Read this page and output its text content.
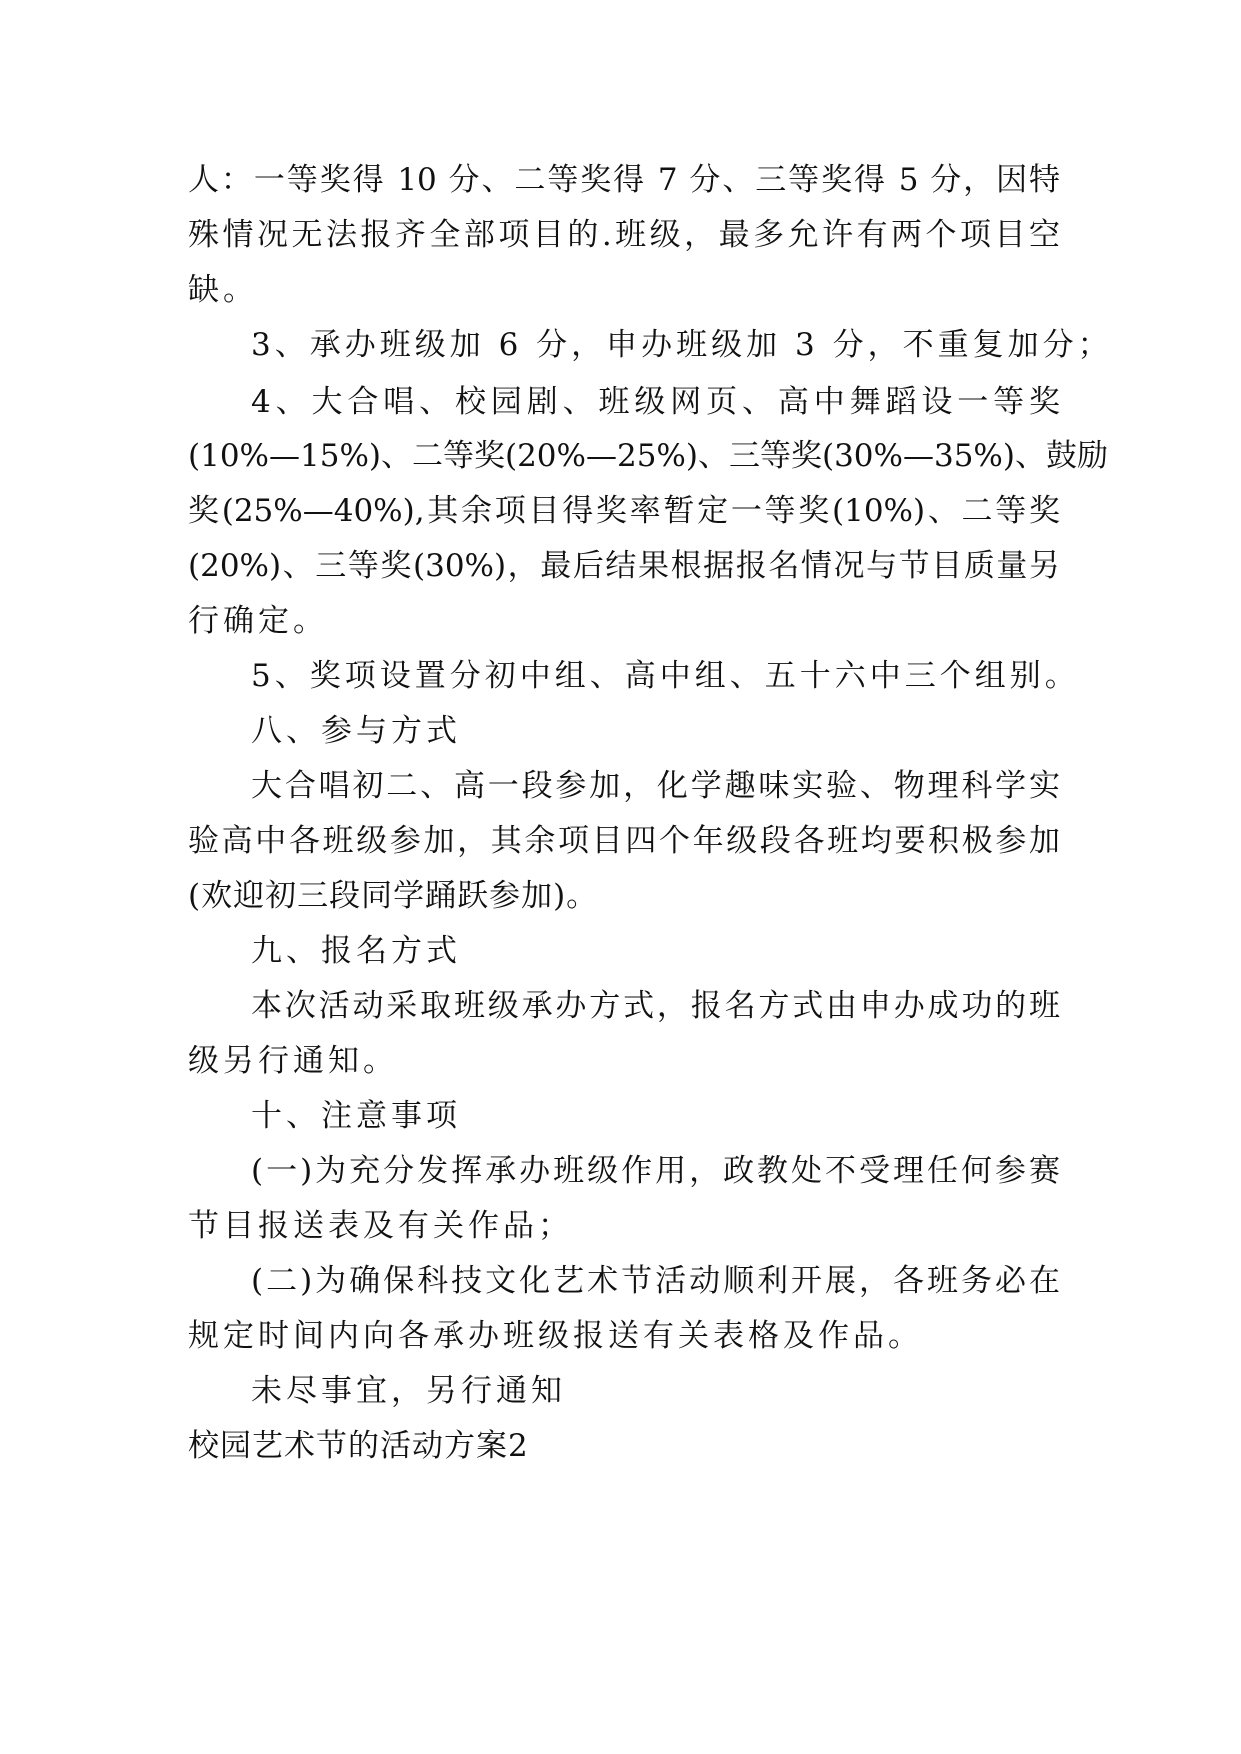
人：一等奖得 10 分、二等奖得 7 分、三等奖得 5 分，因特
殊情况无法报齐全部项目的.班级，最多允许有两个项目空
缺。
3、承办班级加 6 分，申办班级加 3 分，不重复加分；
4、大合唱、校园剧、班级网页、高中舞蹈设一等奖
(10%—15%)、二等奖(20%—25%)、三等奖(30%—35%)、鼓励
奖(25%—40%),其余项目得奖率暂定一等奖(10%)、二等奖
(20%)、三等奖(30%)，最后结果根据报名情况与节目质量另
行确定。
5、奖项设置分初中组、高中组、五十六中三个组别。
八、参与方式
大合唱初二、高一段参加，化学趣味实验、物理科学实
验高中各班级参加，其余项目四个年级段各班均要积极参加
(欢迎初三段同学踊跃参加)。
九、报名方式
本次活动采取班级承办方式，报名方式由申办成功的班
级另行通知。
十、注意事项
(一)为充分发挥承办班级作用，政教处不受理任何参赛
节目报送表及有关作品；
(二)为确保科技文化艺术节活动顺利开展，各班务必在
规定时间内向各承办班级报送有关表格及作品。
未尽事宜，另行通知
校园艺术节的活动方案2
